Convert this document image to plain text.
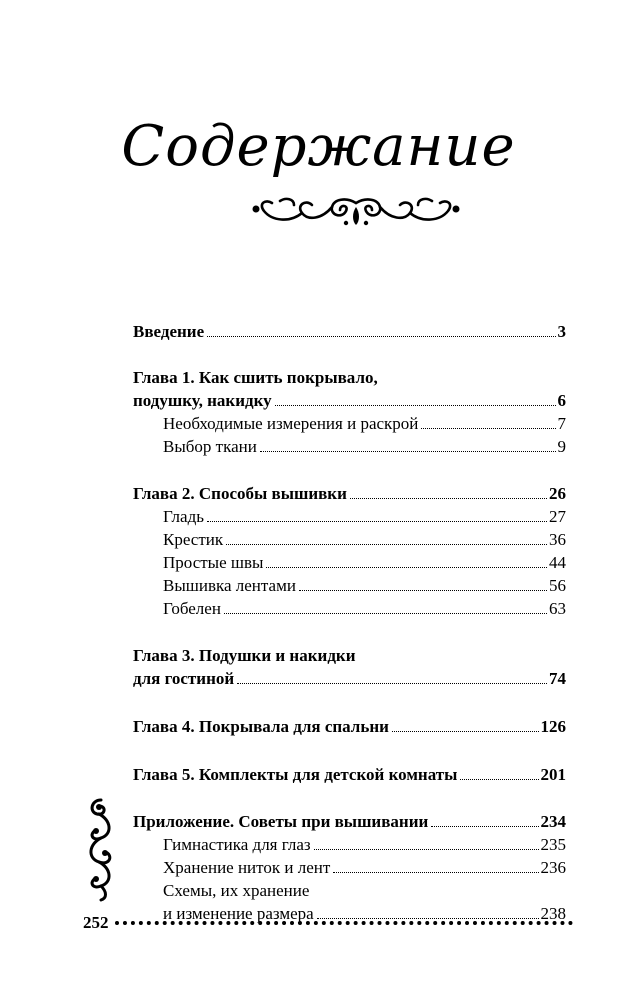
Содержание
Введение	3
Глава 1. Как сшить покрывало,
подушку, накидку	6
Необходимые измерения и раскрой	7
Выбор ткани	9
Глава 2. Способы вышивки	26
Гладь	27
Крестик	36
Простые швы	44
Вышивка лентами	56
Гобелен	63
Глава 3. Подушки и накидки
для гостиной	74
Глава 4. Покрывала для спальни	126
Глава 5. Комплекты для детской комнаты	201
Приложение. Советы при вышивании	234
Гимнастика для глаз	235
Хранение ниток и лент	236
Схемы, их хранение
и изменение размера	238
252
